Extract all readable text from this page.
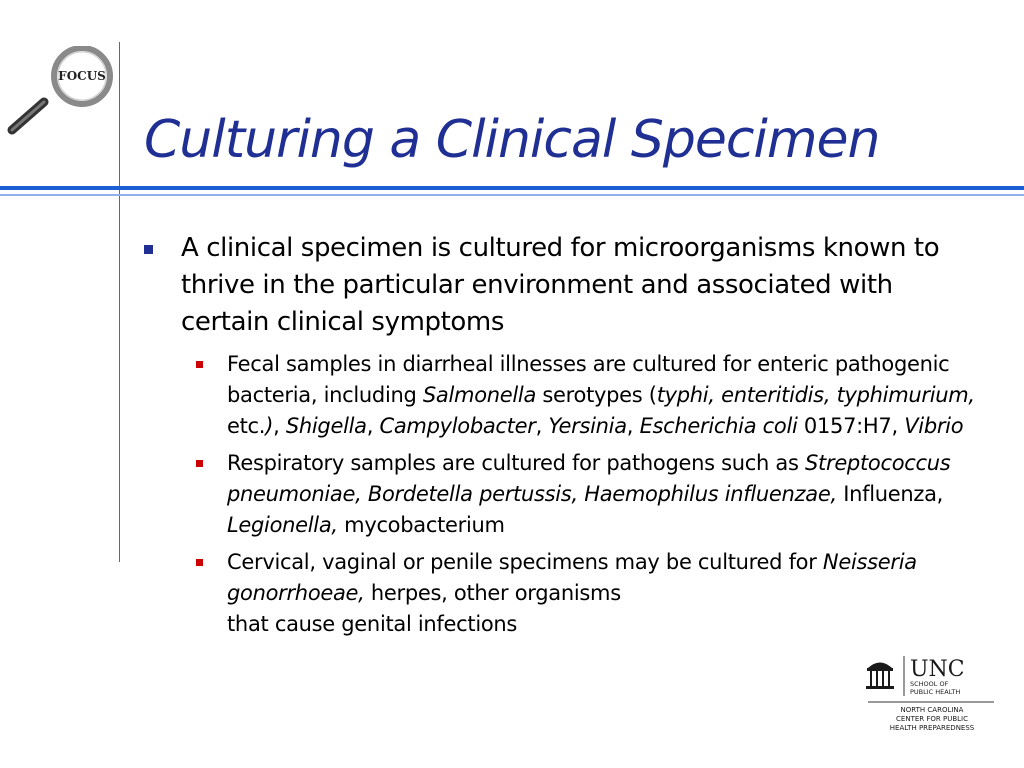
FOCUS
Culturing a Clinical Specimen
A clinical specimen is cultured for microorganisms known to thrive in the particular environment and associated with certain clinical symptoms
Fecal samples in diarrheal illnesses are cultured for enteric pathogenic bacteria, including Salmonella serotypes (typhi, enteritidis, typhimurium, etc.), Shigella, Campylobacter, Yersinia, Escherichia coli 0157:H7, Vibrio
Respiratory samples are cultured for pathogens such as Streptococcus pneumoniae, Bordetella pertussis, Haemophilus influenzae, Influenza, Legionella, mycobacterium
Cervical, vaginal or penile specimens may be cultured for Neisseria gonorrhoeae, herpes, other organisms
that cause genital infections
UNC
SCHOOL OF
PUBLIC HEALTH
NORTH CAROLINA
CENTER FOR PUBLIC
HEALTH PREPAREDNESS
